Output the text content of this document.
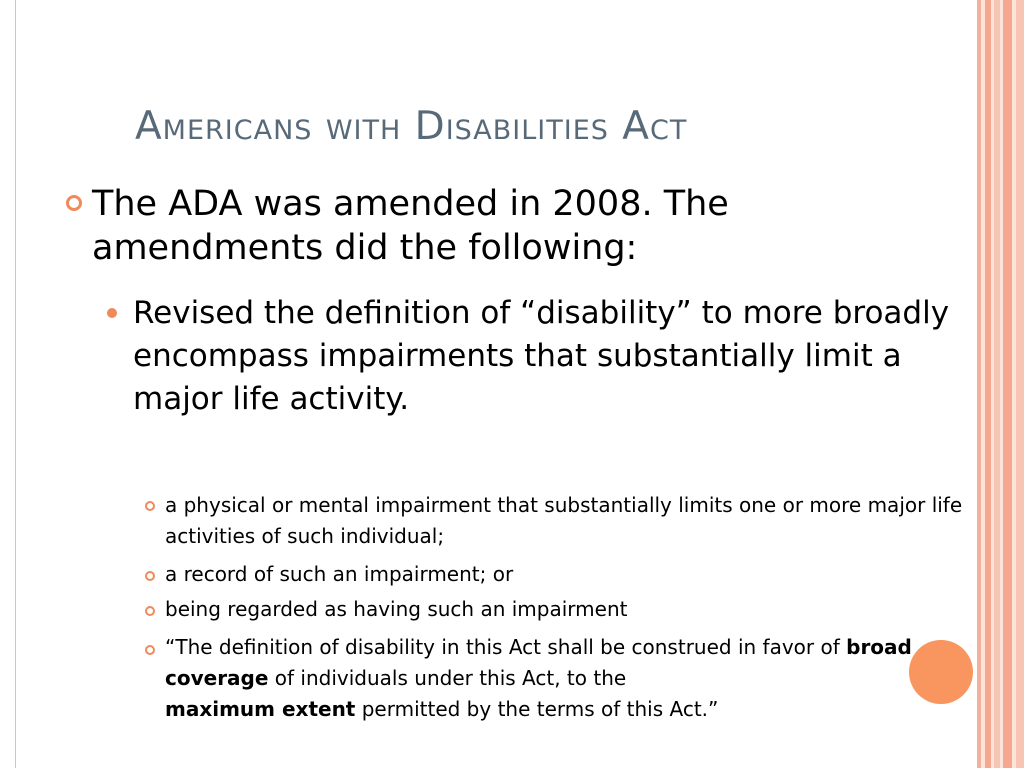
Americans with Disabilities Act
The ADA was amended in 2008. The amendments did the following:
Revised the definition of “disability” to more broadly encompass impairments that substantially limit a major life activity.
a physical or mental impairment that substantially limits one or more major life activities of such individual;
a record of such an impairment; or
being regarded as having such an impairment
“The definition of disability in this Act shall be construed in favor of broad coverage of individuals under this Act, to the
maximum extent permitted by the terms of this Act.”
